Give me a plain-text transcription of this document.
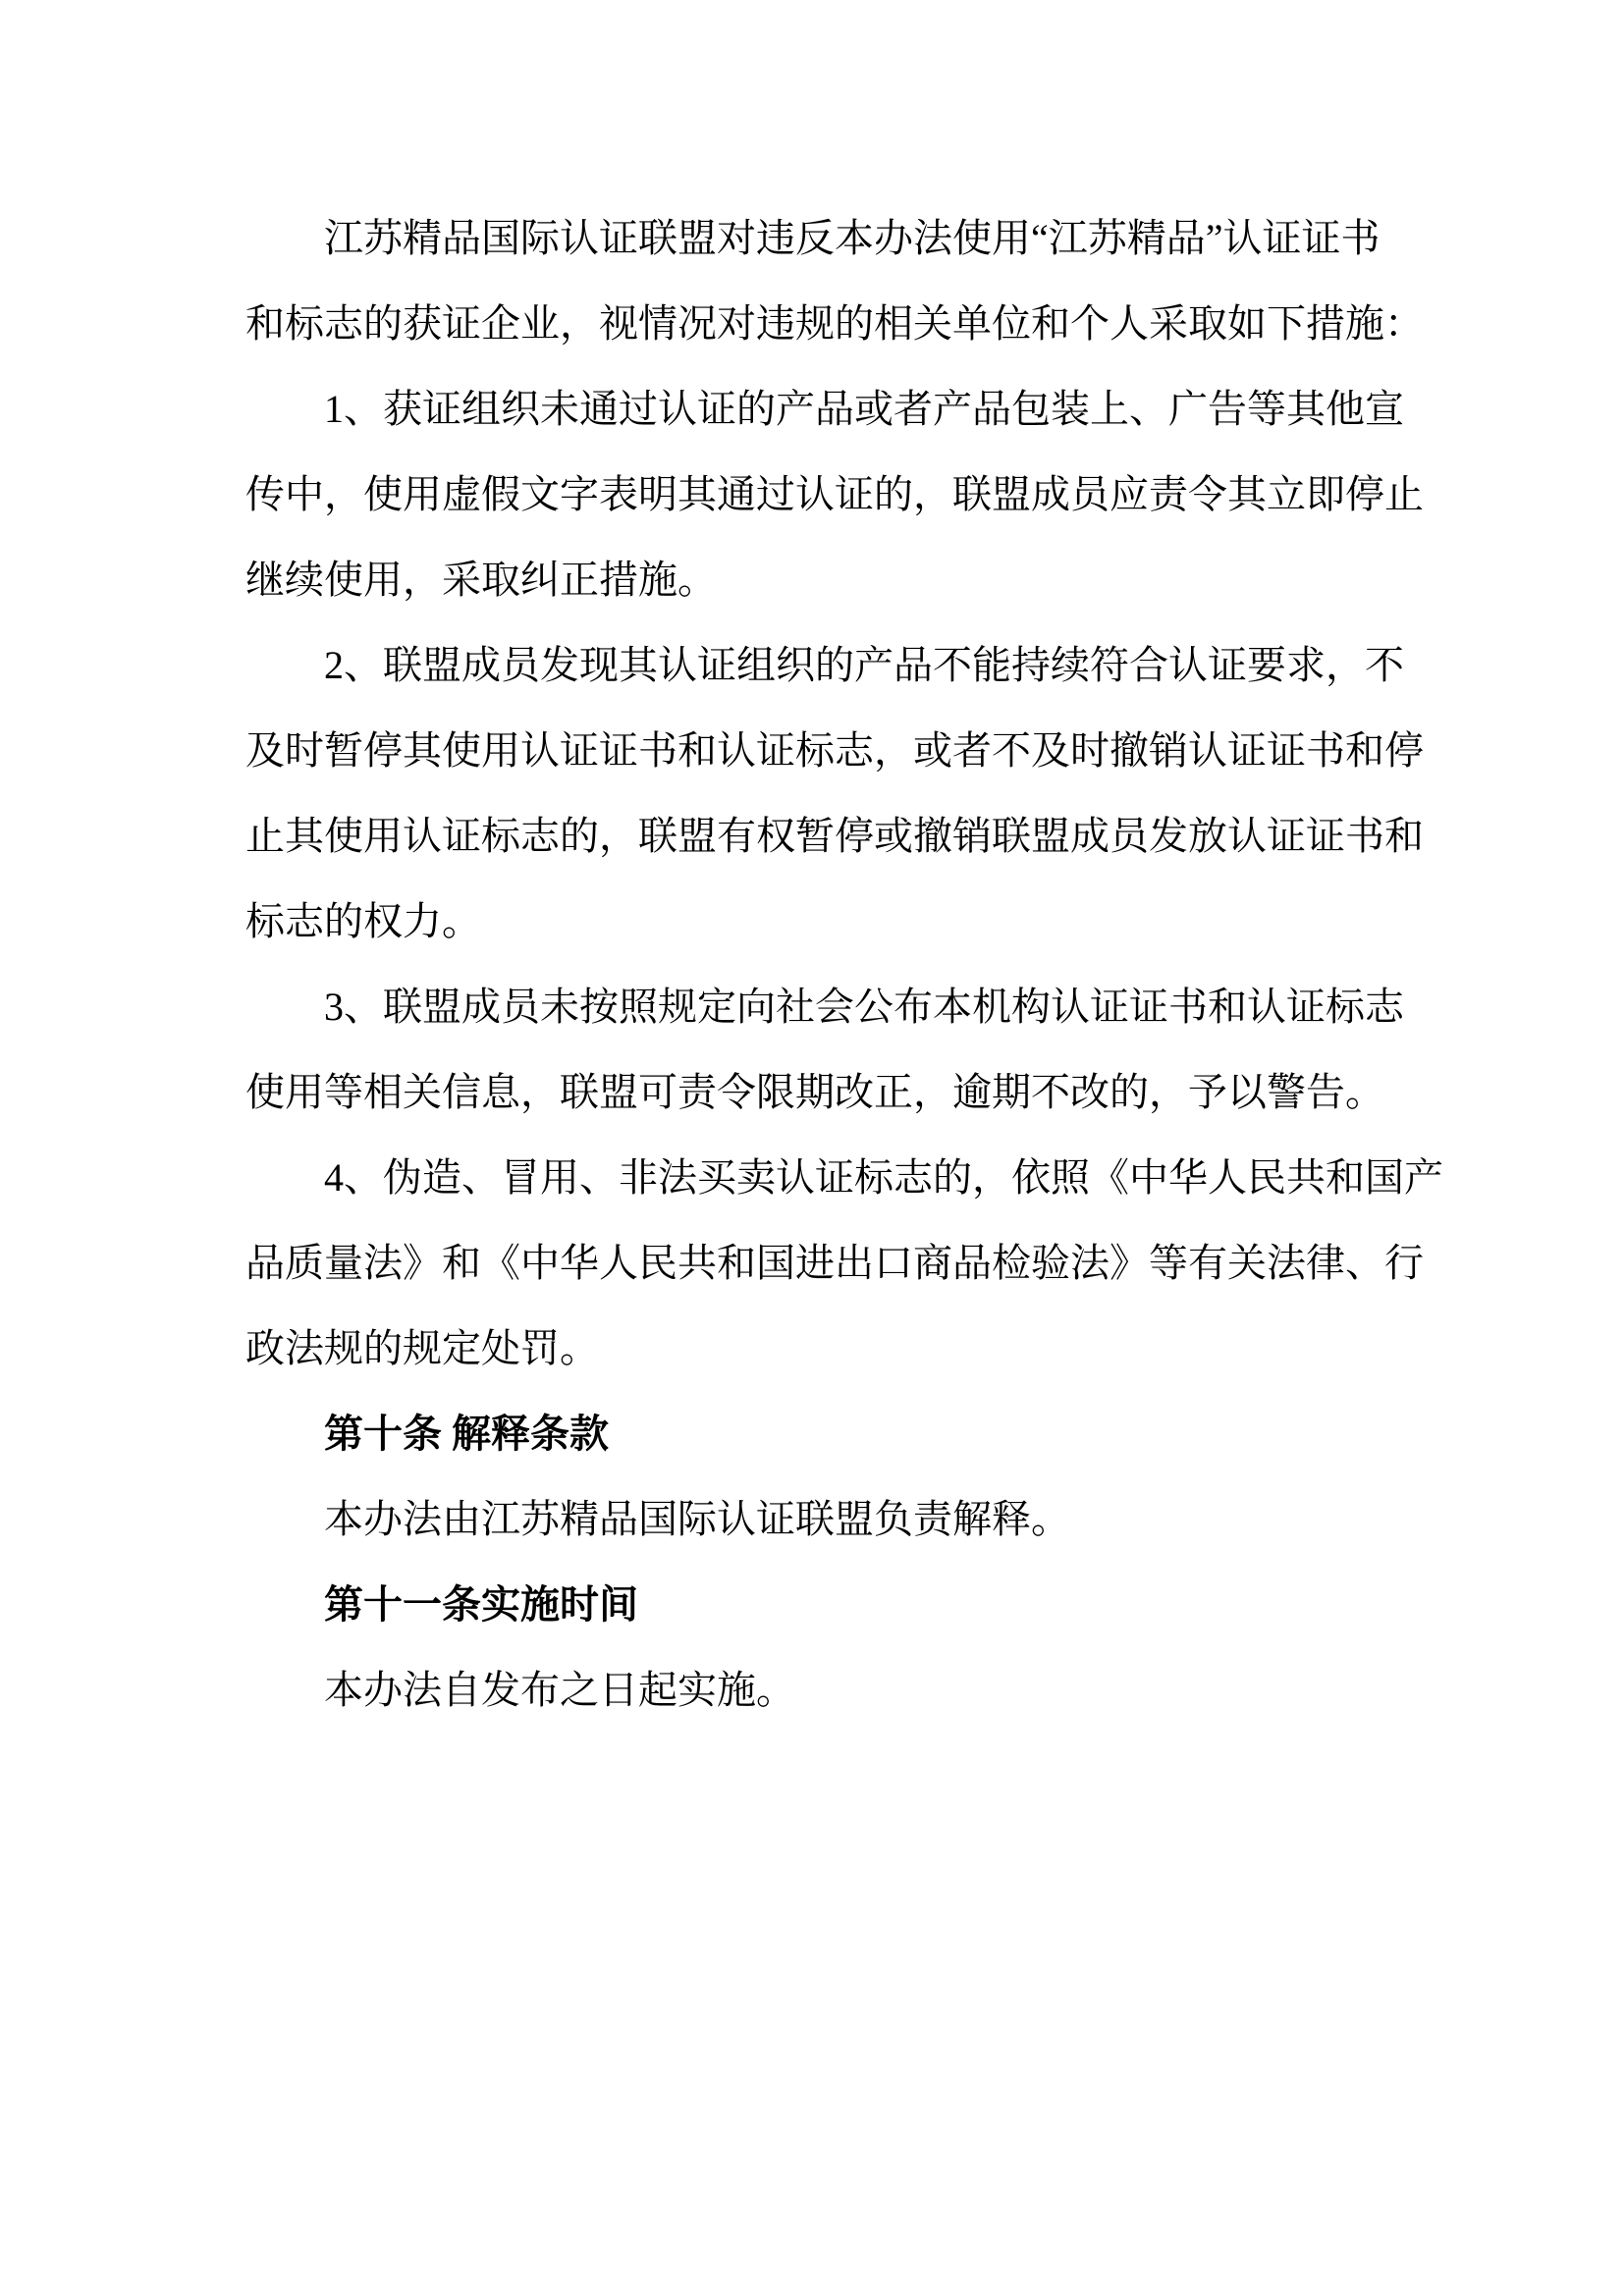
江苏精品国际认证联盟对违反本办法使用“江苏精品”认证证书
和标志的获证企业，视情况对违规的相关单位和个人采取如下措施：
1、获证组织未通过认证的产品或者产品包装上、广告等其他宣
传中，使用虚假文字表明其通过认证的，联盟成员应责令其立即停止
继续使用，采取纠正措施。
2、联盟成员发现其认证组织的产品不能持续符合认证要求，不
及时暂停其使用认证证书和认证标志，或者不及时撤销认证证书和停
止其使用认证标志的，联盟有权暂停或撤销联盟成员发放认证证书和
标志的权力。
3、联盟成员未按照规定向社会公布本机构认证证书和认证标志
使用等相关信息，联盟可责令限期改正，逾期不改的，予以警告。
4、伪造、冒用、非法买卖认证标志的，依照《中华人民共和国产
品质量法》和《中华人民共和国进出口商品检验法》等有关法律、行
政法规的规定处罚。
第十条 解释条款
本办法由江苏精品国际认证联盟负责解释。
第十一条实施时间
本办法自发布之日起实施。
